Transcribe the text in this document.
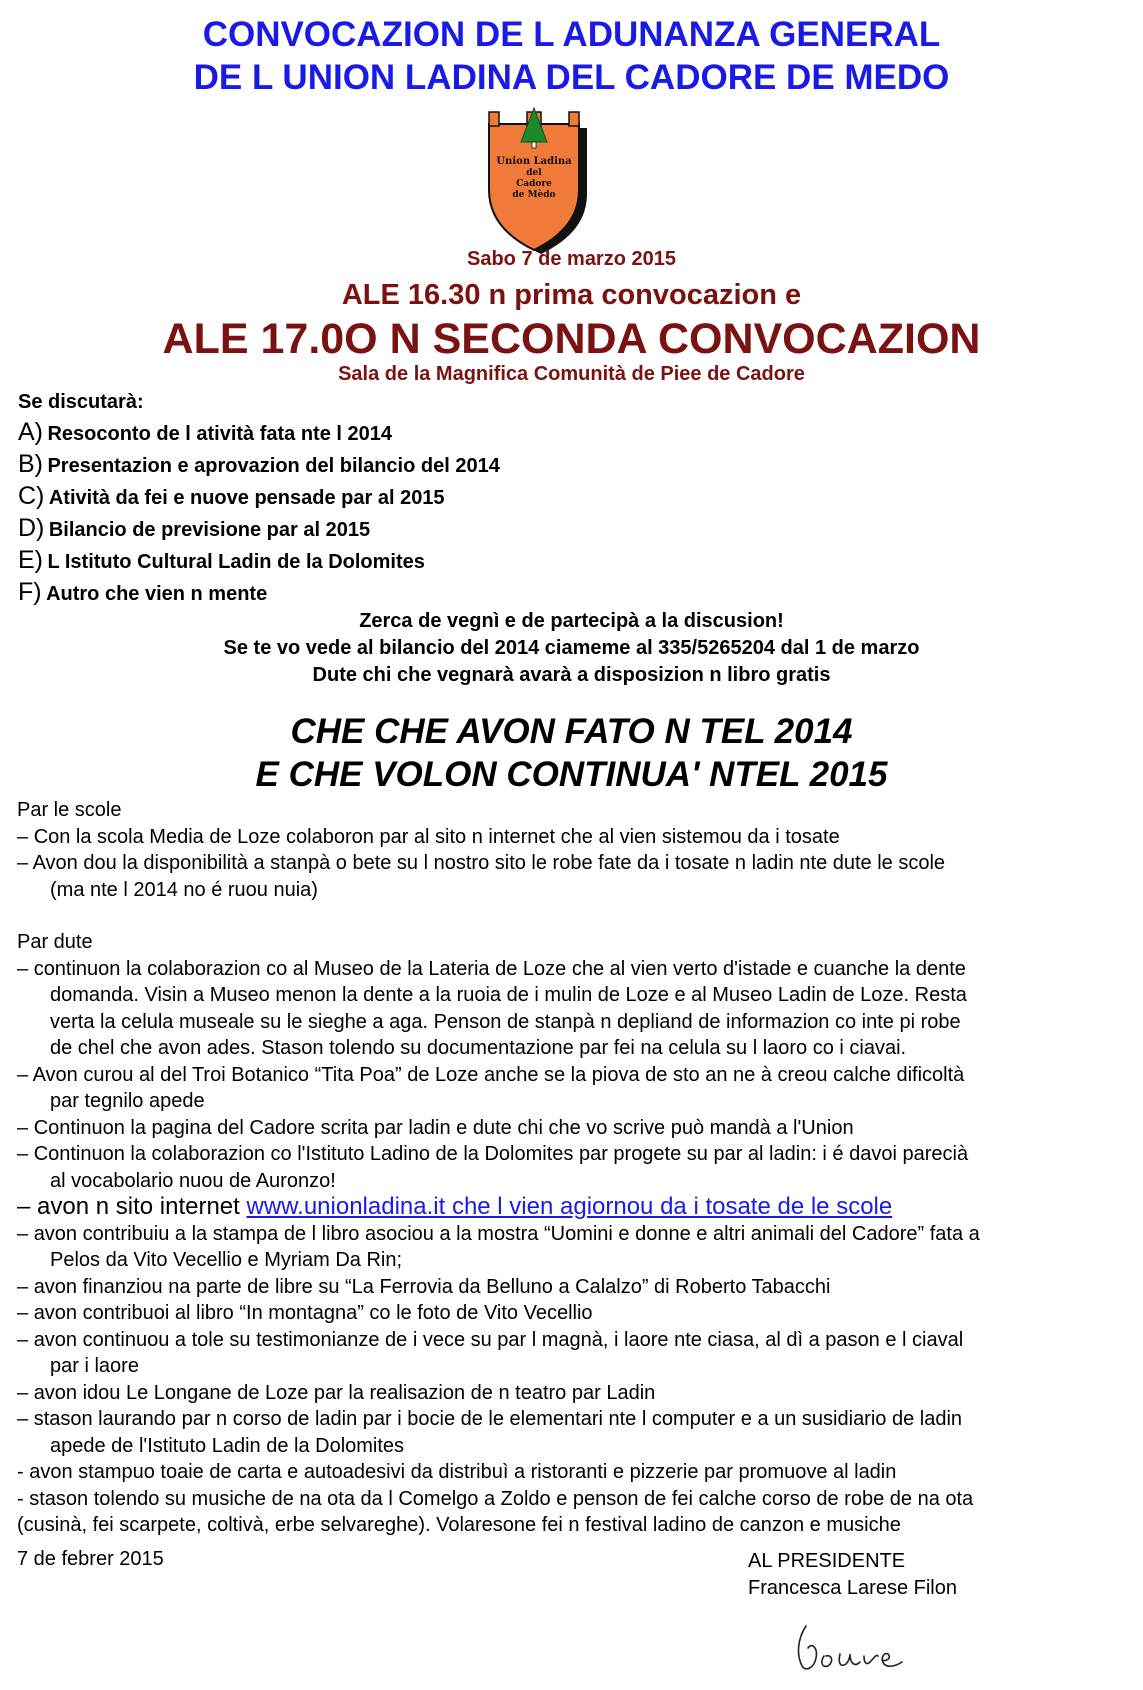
CONVOCAZION DE L ADUNANZA GENERAL
DE L UNION LADINA DEL CADORE DE MEDO
Union Ladina
del
Cadore
de Mèdo
Sabo 7 de marzo 2015
ALE 16.30 n prima convocazion e
ALE 17.0O N SECONDA CONVOCAZION
Sala de la Magnifica Comunità de Piee de Cadore
Se discutarà:
A) Resoconto de l atività fata nte l 2014
B) Presentazion e aprovazion del bilancio del 2014
C) Atività da fei e nuove pensade par al 2015
D) Bilancio de previsione par al 2015
E) L Istituto Cultural Ladin de la Dolomites
F) Autro che vien n mente
Zerca de vegnì e de partecipà a la discusion!
Se te vo vede al bilancio del 2014 ciameme al 335/5265204 dal 1 de marzo
Dute chi che vegnarà avarà a disposizion n libro gratis
CHE CHE AVON FATO N TEL 2014
E CHE VOLON CONTINUA' NTEL 2015
Par le scole
– Con la scola Media de Loze colaboron par al sito n internet che al vien sistemou da i tosate
– Avon dou la disponibilità a stanpà o bete su l nostro sito le robe fate da i tosate n ladin nte dute le scole
(ma nte l 2014 no é ruou nuia)
Par dute
– continuon la colaborazion co al Museo de la Lateria de Loze che al vien verto d'istade e cuanche la dente
domanda. Visin a Museo menon la dente a la ruoia de i mulin de Loze e al Museo Ladin de Loze. Resta
verta la celula museale su le sieghe a aga. Penson de stanpà n depliand de informazion co inte pi robe
de chel che avon ades. Stason tolendo su documentazione par fei na celula su l laoro co i ciavai.
– Avon curou al del Troi Botanico “Tita Poa” de Loze anche se la piova de sto an ne à creou calche dificoltà
par tegnilo apede
– Continuon la pagina del Cadore scrita par ladin e dute chi che vo scrive può mandà a l'Union
– Continuon la colaborazion co l'Istituto Ladino de la Dolomites par progete su par al ladin: i é davoi parecià
al vocabolario nuou de Auronzo!
– avon n sito internet www.unionladina.it che l vien agiornou da i tosate de le scole
– avon contribuiu a la stampa de l libro asociou a la mostra “Uomini e donne e altri animali del Cadore” fata a
Pelos da Vito Vecellio e Myriam Da Rin;
– avon finanziou na parte de libre su “La Ferrovia da Belluno a Calalzo” di Roberto Tabacchi
– avon contribuoi al libro “In montagna” co le foto de Vito Vecellio
– avon continuou a tole su testimonianze de i vece su par l magnà, i laore nte ciasa, al dì a pason e l ciaval
par i laore
– avon idou Le Longane de Loze par la realisazion de n teatro par Ladin
– stason laurando par n corso de ladin par i bocie de le elementari nte l computer e a un susidiario de ladin
apede de l'Istituto Ladin de la Dolomites
- avon stampuo toaie de carta e autoadesivi da distribuì a ristoranti e pizzerie par promuove al ladin
- stason tolendo su musiche de na ota da l Comelgo a Zoldo e penson de fei calche corso de robe de na ota
(cusinà, fei scarpete, coltivà, erbe selvareghe). Volaresone fei n festival ladino de canzon e musiche
7 de febrer 2015	AL PRESIDENTE
Francesca Larese Filon
